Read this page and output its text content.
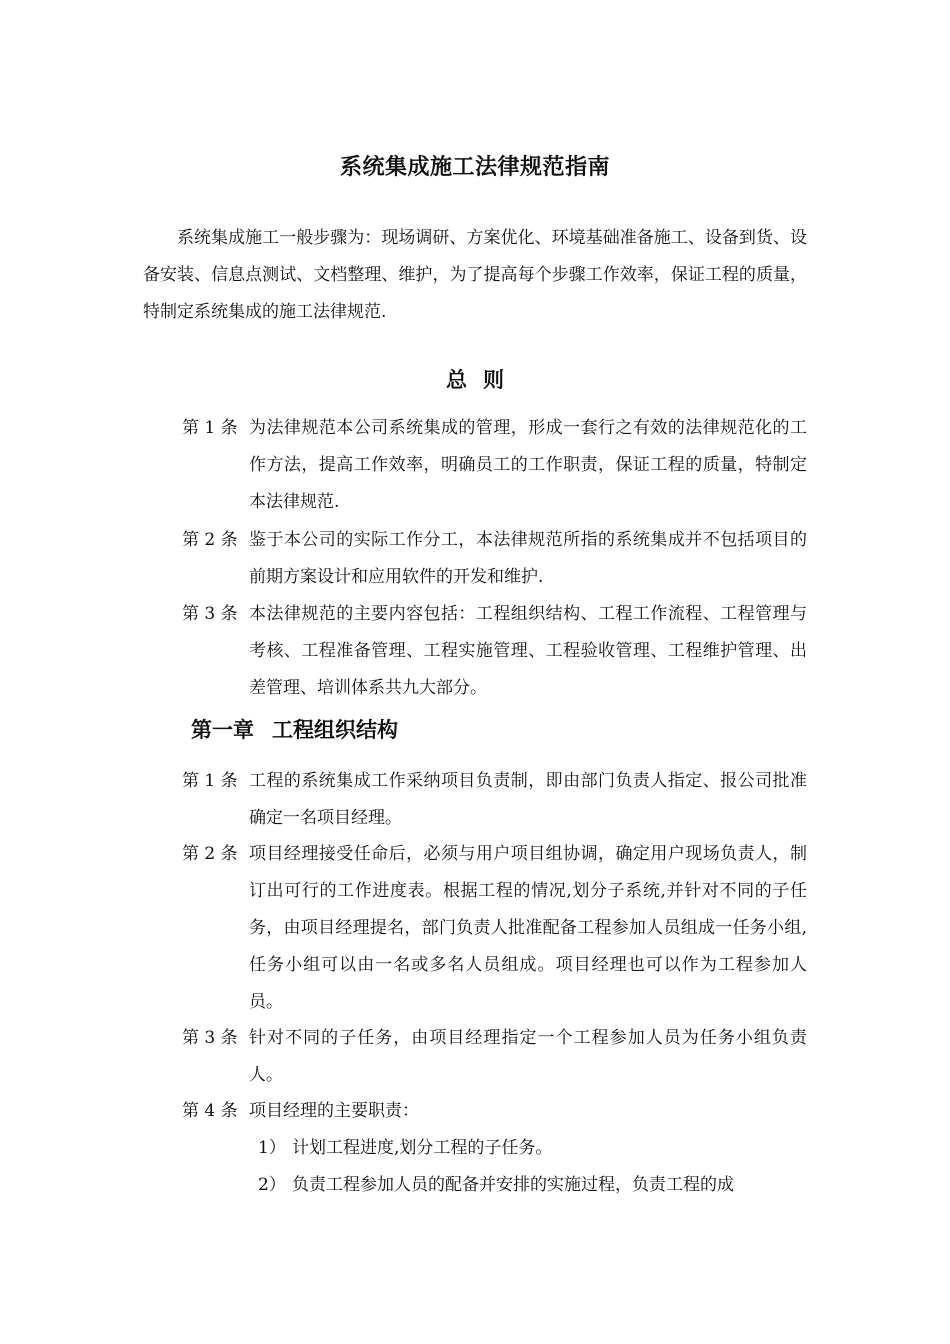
系统集成施工法律规范指南

系统集成施工一般步骤为：现场调研、方案优化、环境基础准备施工、设备到货、设备安装、信息点测试、文档整理、维护，为了提高每个步骤工作效率，保证工程的质量，特制定系统集成的施工法律规范.

总 则
第 1 条 为法律规范本公司系统集成的管理，形成一套行之有效的法律规范化的工作方法，提高工作效率，明确员工的工作职责，保证工程的质量，特制定本法律规范.
第 2 条 鉴于本公司的实际工作分工，本法律规范所指的系统集成并不包括项目的前期方案设计和应用软件的开发和维护.
第 3 条 本法律规范的主要内容包括：工程组织结构、工程工作流程、工程管理与考核、工程准备管理、工程实施管理、工程验收管理、工程维护管理、出差管理、培训体系共九大部分。
第一章 工程组织结构
第 1 条 工程的系统集成工作采纳项目负责制，即由部门负责人指定、报公司批准确定一名项目经理。
第 2 条 项目经理接受任命后，必须与用户项目组协调，确定用户现场负责人，制订出可行的工作进度表。根据工程的情况,划分子系统,并针对不同的子任务，由项目经理提名，部门负责人批准配备工程参加人员组成一任务小组,任务小组可以由一名或多名人员组成。项目经理也可以作为工程参加人员。
第 3 条 针对不同的子任务，由项目经理指定一个工程参加人员为任务小组负责人。
第 4 条 项目经理的主要职责：
1） 计划工程进度,划分工程的子任务。
2） 负责工程参加人员的配备并安排的实施过程，负责工程的成
